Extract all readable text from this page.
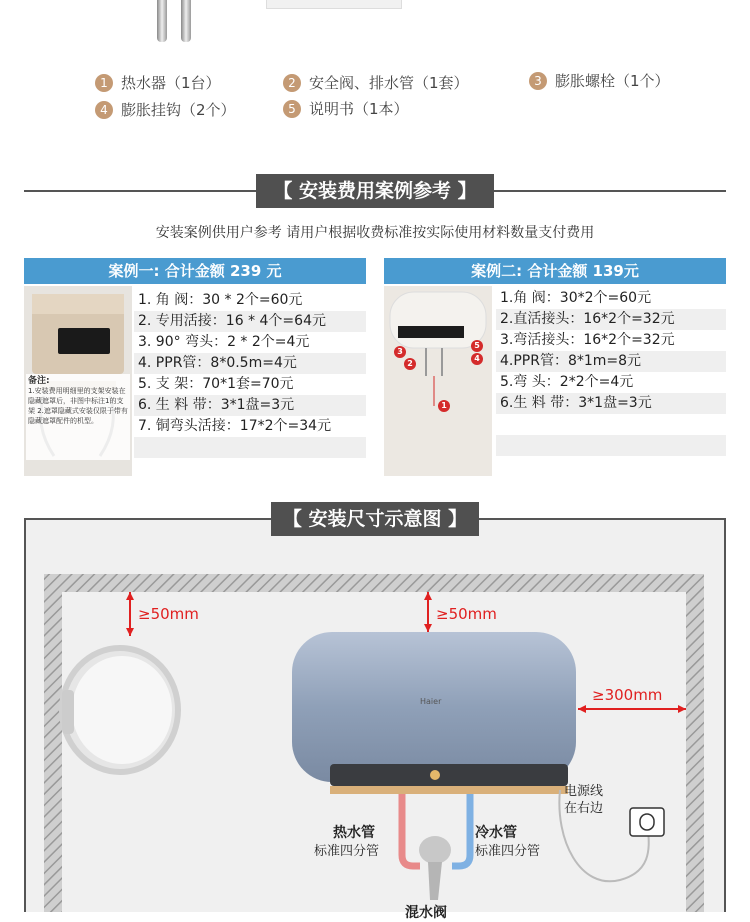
1 热水器（1台）	2 安全阀、排水管（1套）	3 膨胀螺栓（1个）
4 膨胀挂钩（2个）	5 说明书（1本）
【 安装费用案例参考 】
安装案例供用户参考 请用户根据收费标准按实际使用材料数量支付费用
案例一: 合计金额 239 元
备注:
1.安装费用明细里的支架安装在隐藏遮罩后，非图中标注1的支架 2.遮罩隐藏式安装仅限于带有隐藏遮罩配件的机型。
1. 角 阀：30 * 2个=60元
2. 专用活接：16 * 4个=64元
3. 90° 弯头：2 * 2个=4元
4. PPR管：8*0.5m=4元
5. 支 架：70*1套=70元
6. 生 料 带：3*1盘=3元
7. 铜弯头活接：17*2个=34元
案例二: 合计金额 139元
3
2
5
4
1
1.角 阀：30*2个=60元
2.直活接头：16*2个=32元
3.弯活接头：16*2个=32元
4.PPR管：8*1m=8元
5.弯 头：2*2个=4元
6.生 料 带：3*1盘=3元
【 安装尺寸示意图 】
≥50mm	≥50mm
≥300mm
Haier
电源线
在右边
热水管
标准四分管
冷水管
标准四分管
混水阀
